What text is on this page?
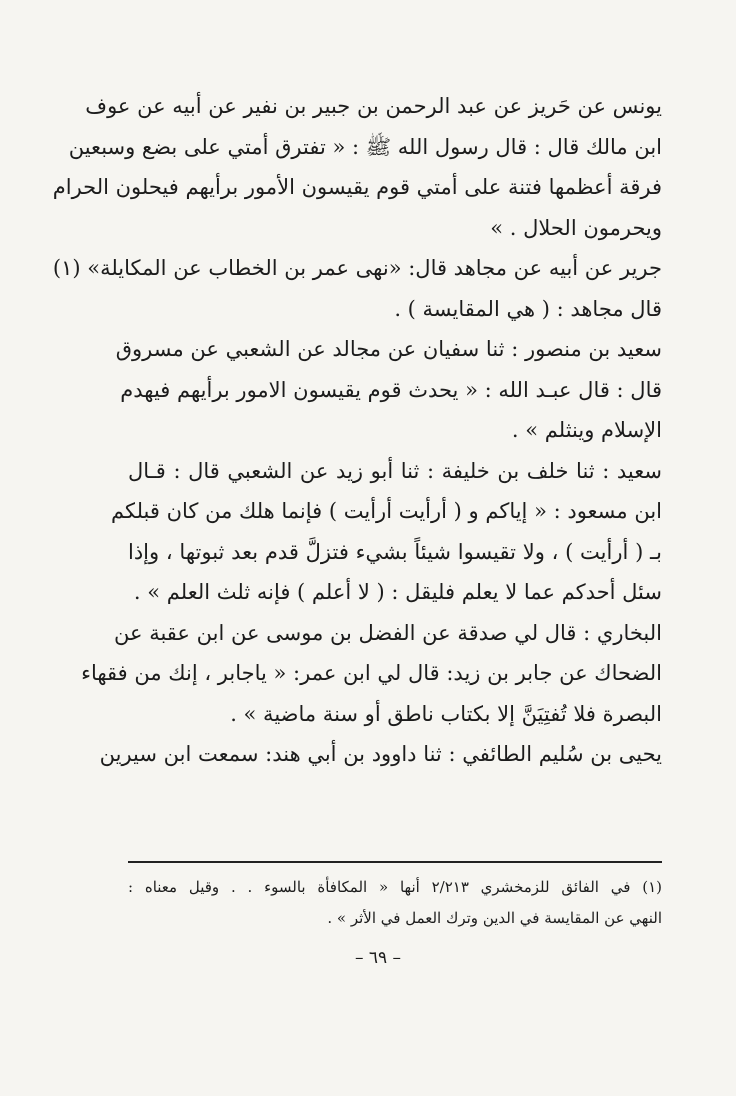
يونس عن حَريز عن عبد الرحمن بن جبير بن نفير عن أبيه عن عوف
ابن مالك قال : قال رسول الله ﷺ : « تفترق أمتي على بضع وسبعين
فرقة أعظمها فتنة على أمتي قوم يقيسون الأمور برأيهم فيحلون الحرام
ويحرمون الحلال . »
جرير عن أبيه عن مجاهد قال: «نهى عمر بن الخطاب عن المكايلة» (١)
قال مجاهد : ( هي المقايسة ) .
سعيد بن منصور : ثنا سفيان عن مجالد عن الشعبي عن مسروق
قال : قال عبـد الله : « يحدث قوم يقيسون الامور برأيهم فيهدم
الإسلام وينثلم » .
سعيد : ثنا خلف بن خليفة : ثنا أبو زيد عن الشعبي قال : قـال
ابن مسعود : « إياكم و ( أرأيت أرأيت ) فإنما هلك من كان قبلكم
بـ ( أرأيت ) ، ولا تقيسوا شيئاً بشيء فتزلَّ قدم بعد ثبوتها ، وإذا
سئل أحدكم عما لا يعلم فليقل : ( لا أعلم ) فإنه ثلث العلم » .
البخاري : قال لي صدقة عن الفضل بن موسى عن ابن عقبة عن
الضحاك عن جابر بن زيد: قال لي ابن عمر: « ياجابر ، إنك من فقهاء
البصرة فلا تُفتِيَنَّ إلا بكتاب ناطق أو سنة ماضية » .
يحيى بن سُليم الطائفي : ثنا داوود بن أبي هند: سمعت ابن سيرين
(١) في الفائق للزمخشري ٢/٢١٣ أنها « المكافأة بالسوء . . وقيل معناه :
النهي عن المقايسة في الدين وترك العمل في الأثر » .
– ٦٩ –
